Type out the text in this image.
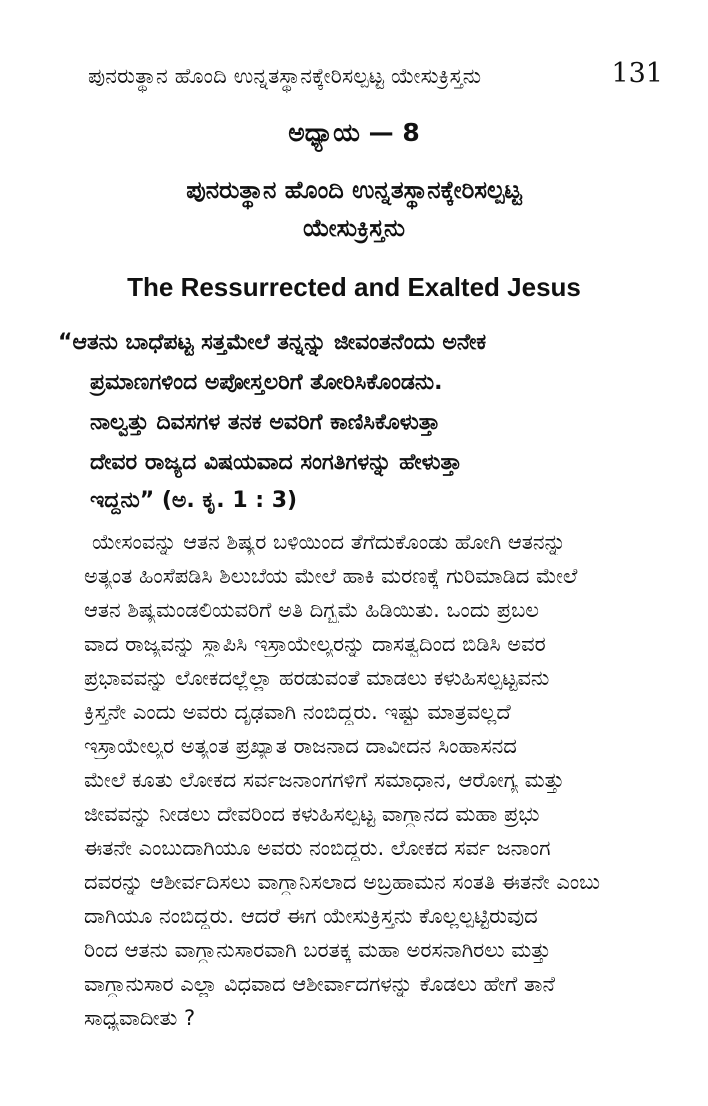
ಪುನರುತ್ಥಾನ ಹೊಂದಿ ಉನ್ನತಸ್ಥಾನಕ್ಕೇರಿಸಲ್ಪಟ್ಟ ಯೇಸುಕ್ರಿಸ್ತನು	131
ಅಧ್ಯಾಯ — 8
ಪುನರುತ್ಥಾನ ಹೊಂದಿ ಉನ್ನತಸ್ಥಾನಕ್ಕೇರಿಸಲ್ಪಟ್ಟ
ಯೇಸುಕ್ರಿಸ್ತನು
The Ressurrected and Exalted Jesus
“ಆತನು ಬಾಧೆಪಟ್ಟ ಸತ್ತಮೇಲೆ ತನ್ನನ್ನು ಜೀವಂತನೆಂದು ಅನೇಕ
ಪ್ರಮಾಣಗಳಿಂದ ಅಪೋಸ್ತಲರಿಗೆ ತೋರಿಸಿಕೊಂಡನು.
ನಾಲ್ವತ್ತು ದಿವಸಗಳ ತನಕ ಅವರಿಗೆ ಕಾಣಿಸಿಕೊಳುತ್ತಾ
ದೇವರ ರಾಜ್ಯದ ವಿಷಯವಾದ ಸಂಗತಿಗಳನ್ನು ಹೇಳುತ್ತಾ
ಇದ್ದನು” (ಅ. ಕೃ. 1 : 3)
ಯೇಸಂವನ್ನು ಆತನ ಶಿಷ್ಯರ ಬಳಿಯಿಂದ ತೆಗೆದುಕೊಂಡು ಹೋಗಿ ಆತನನ್ನು
ಅತ್ಯಂತ ಹಿಂಸೆಪಡಿಸಿ ಶಿಲುಬೆಯ ಮೇಲೆ ಹಾಕಿ ಮರಣಕ್ಕೆ ಗುರಿಮಾಡಿದ ಮೇಲೆ
ಆತನ ಶಿಷ್ಯಮಂಡಲಿಯವರಿಗೆ ಅತಿ ದಿಗ್ಭ್ರಮೆ ಹಿಡಿಯಿತು. ಒಂದು ಪ್ರಬಲ
ವಾದ ರಾಜ್ಯವನ್ನು ಸ್ಥಾಪಿಸಿ ಇಸ್ರಾಯೇಲ್ಯರನ್ನು ದಾಸತ್ವದಿಂದ ಬಿಡಿಸಿ ಅವರ
ಪ್ರಭಾವವನ್ನು ಲೋಕದಲ್ಲೆಲ್ಲಾ ಹರಡುವಂತೆ ಮಾಡಲು ಕಳುಹಿಸಲ್ಪಟ್ಟವನು
ಕ್ರಿಸ್ತನೇ ಎಂದು ಅವರು ದೃಢವಾಗಿ ನಂಬಿದ್ದರು. ಇಷ್ಟು ಮಾತ್ರವಲ್ಲದೆ
ಇಸ್ರಾಯೇಲ್ಯರ ಅತ್ಯಂತ ಪ್ರಖ್ಯಾತ ರಾಜನಾದ ದಾವೀದನ ಸಿಂಹಾಸನದ
ಮೇಲೆ ಕೂತು ಲೋಕದ ಸರ್ವಜನಾಂಗಗಳಿಗೆ ಸಮಾಧಾನ, ಆರೋಗ್ಯ ಮತ್ತು
ಜೀವವನ್ನು ನೀಡಲು ದೇವರಿಂದ ಕಳುಹಿಸಲ್ಪಟ್ಟ ವಾಗ್ದಾನದ ಮಹಾ ಪ್ರಭು
ಈತನೇ ಎಂಬುದಾಗಿಯೂ ಅವರು ನಂಬಿದ್ದರು. ಲೋಕದ ಸರ್ವ ಜನಾಂಗ
ದವರನ್ನು ಆಶೀರ್ವದಿಸಲು ವಾಗ್ದಾನಿಸಲಾದ ಅಬ್ರಹಾಮನ ಸಂತತಿ ಈತನೇ ಎಂಬು
ದಾಗಿಯೂ ನಂಬಿದ್ದರು. ಆದರೆ ಈಗ ಯೇಸುಕ್ರಿಸ್ತನು ಕೊಲ್ಲಲ್ಪಟ್ಟಿರುವುದ
ರಿಂದ ಆತನು ವಾಗ್ದಾನುಸಾರವಾಗಿ ಬರತಕ್ಕ ಮಹಾ ಅರಸನಾಗಿರಲು ಮತ್ತು
ವಾಗ್ದಾನುಸಾರ ಎಲ್ಲಾ ವಿಧವಾದ ಆಶೀರ್ವಾದಗಳನ್ನು ಕೊಡಲು ಹೇಗೆ ತಾನೆ
ಸಾಧ್ಯವಾದೀತು ?
